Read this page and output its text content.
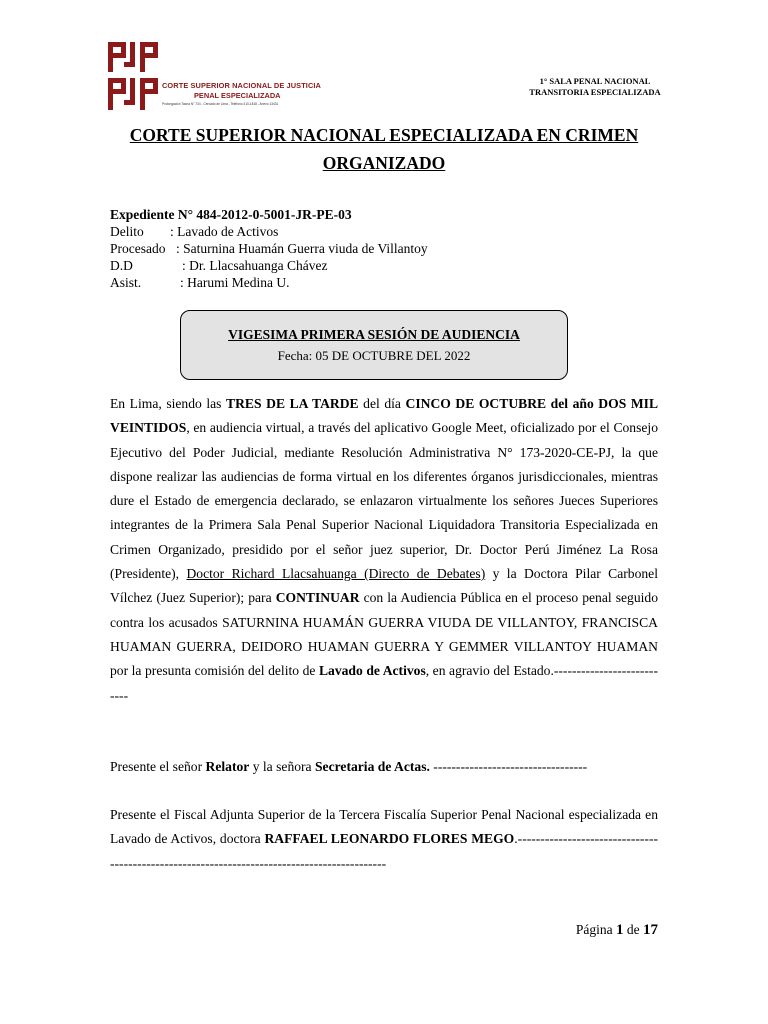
CORTE SUPERIOR NACIONAL DE JUSTICIA
PENAL ESPECIALIZADA
Prolongación Tacna N° 734 - Cercado de Lima - Teléfono 410-1818 - Anexo 13431
1° SALA PENAL NACIONAL
TRANSITORIA ESPECIALIZADA
CORTE SUPERIOR NACIONAL ESPECIALIZADA EN CRIMEN
ORGANIZADO
Expediente N° 484-2012-0-5001-JR-PE-03
Delito : Lavado de Activos
Procesado : Saturnina Huamán Guerra viuda de Villantoy
D.D	: Dr. Llacsahuanga Chávez
Asist.	: Harumi Medina U.
VIGESIMA PRIMERA SESIÓN DE AUDIENCIA
Fecha: 05 DE OCTUBRE DEL 2022
En Lima, siendo las TRES DE LA TARDE del día CINCO DE OCTUBRE del año DOS MIL VEINTIDOS, en audiencia virtual, a través del aplicativo Google Meet, oficializado por el Consejo Ejecutivo del Poder Judicial, mediante Resolución Administrativa N° 173-2020-CE-PJ, la que dispone realizar las audiencias de forma virtual en los diferentes órganos jurisdiccionales, mientras dure el Estado de emergencia declarado, se enlazaron virtualmente los señores Jueces Superiores integrantes de la Primera Sala Penal Superior Nacional Liquidadora Transitoria Especializada en Crimen Organizado, presidido por el señor juez superior, Dr. Doctor Perú Jiménez La Rosa (Presidente), Doctor Richard Llacsahuanga (Directo de Debates) y la Doctora Pilar Carbonel Vílchez (Juez Superior); para CONTINUAR con la Audiencia Pública en el proceso penal seguido contra los acusados SATURNINA HUAMÁN GUERRA VIUDA DE VILLANTOY, FRANCISCA HUAMAN GUERRA, DEIDORO HUAMAN GUERRA Y GEMMER VILLANTOY HUAMAN por la presunta comisión del delito de Lavado de Activos, en agravio del Estado.---------------------------
Presente el señor Relator y la señora Secretaria de Actas. ----------------------------------
Presente el Fiscal Adjunta Superior de la Tercera Fiscalía Superior Penal Nacional especializada en Lavado de Activos, doctora RAFFAEL LEONARDO FLORES MEGO.--------------------------------------------------------------------------------------------
Página 1 de 17
